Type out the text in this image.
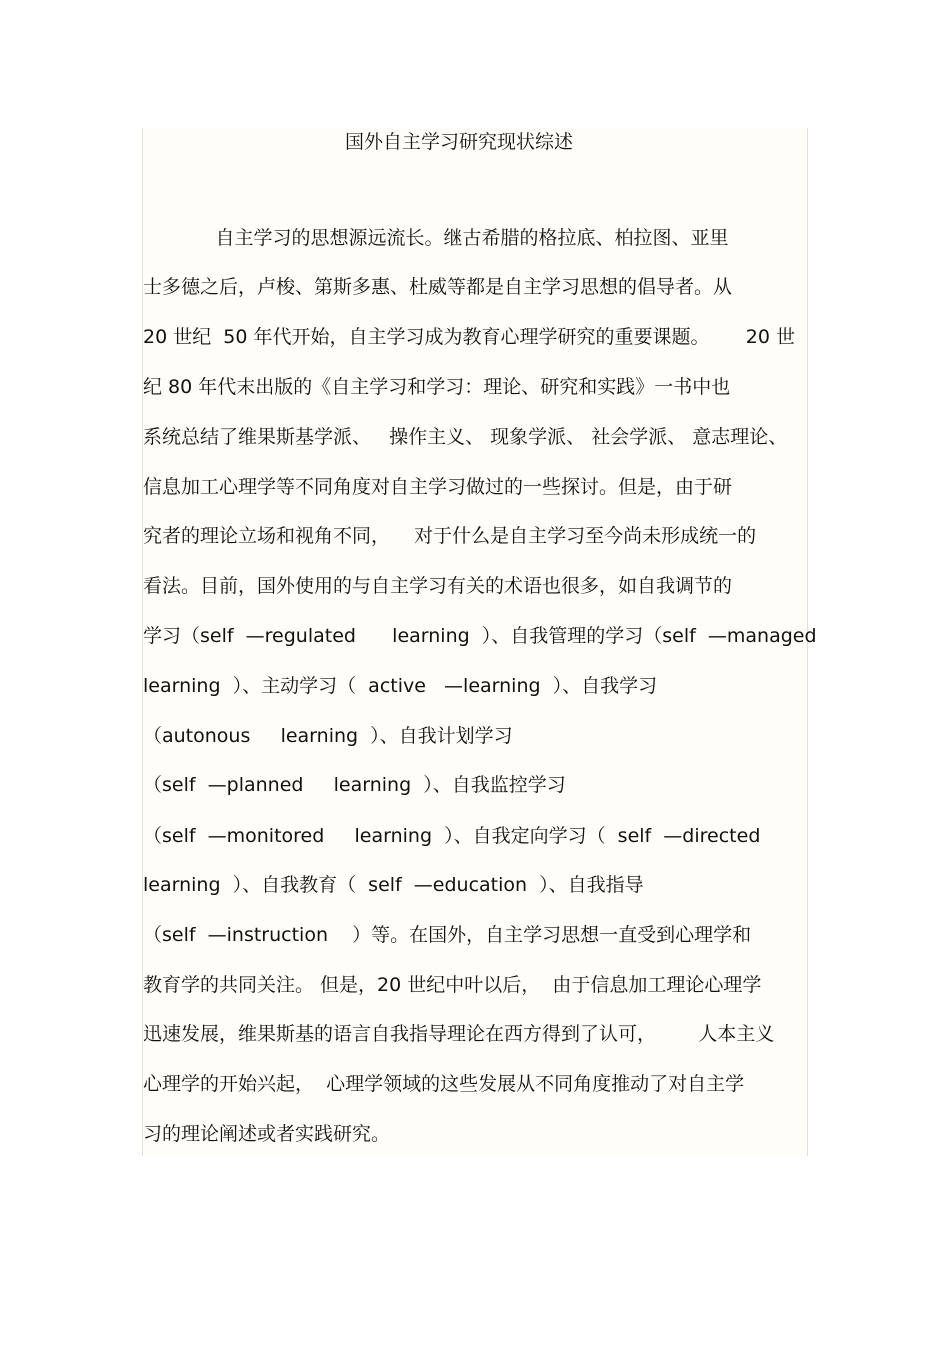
国外自主学习研究现状综述
自主学习的思想源远流长。继古希腊的格拉底、柏拉图、亚里
士多德之后，卢梭、第斯多惠、杜威等都是自主学习思想的倡导者。从
20 世纪  50 年代开始，自主学习成为教育心理学研究的重要课题。      20 世
纪 80 年代末出版的《自主学习和学习：理论、研究和实践》一书中也
系统总结了维果斯基学派、   操作主义、 现象学派、 社会学派、 意志理论、
信息加工心理学等不同角度对自主学习做过的一些探讨。但是，由于研
究者的理论立场和视角不同，    对于什么是自主学习至今尚未形成统一的
看法。目前，国外使用的与自主学习有关的术语也很多，如自我调节的
学习（self  —regulated      learning  ）、自我管理的学习（self  —managed
learning  ）、主动学习（  active   —learning  ）、自我学习
（autonous     learning  ）、自我计划学习
（self  —planned     learning  ）、自我监控学习
（self  —monitored     learning  ）、自我定向学习（  self  —directed
learning  ）、自我教育（  self  —education  ）、自我指导
（self  —instruction    ）等。在国外，自主学习思想一直受到心理学和
教育学的共同关注。 但是，20 世纪中叶以后，  由于信息加工理论心理学
迅速发展，维果斯基的语言自我指导理论在西方得到了认可，       人本主义
心理学的开始兴起，  心理学领域的这些发展从不同角度推动了对自主学
习的理论阐述或者实践研究。
